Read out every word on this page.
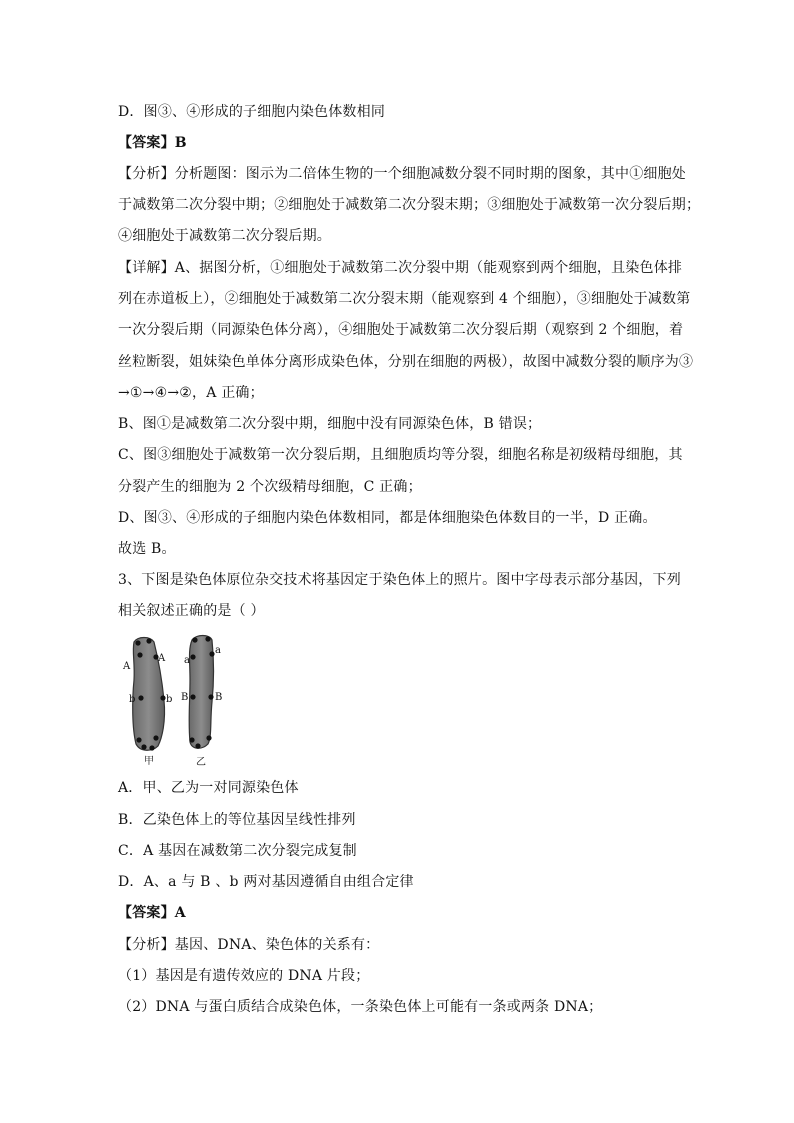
D．图③、④形成的子细胞内染色体数相同
【答案】B
【分析】分析题图：图示为二倍体生物的一个细胞减数分裂不同时期的图象，其中①细胞处
于减数第二次分裂中期；②细胞处于减数第二次分裂末期；③细胞处于减数第一次分裂后期；
④细胞处于减数第二次分裂后期。
【详解】A、据图分析，①细胞处于减数第二次分裂中期（能观察到两个细胞，且染色体排
列在赤道板上），②细胞处于减数第二次分裂末期（能观察到 4 个细胞），③细胞处于减数第
一次分裂后期（同源染色体分离），④细胞处于减数第二次分裂后期（观察到 2 个细胞，着
丝粒断裂，姐妹染色单体分离形成染色体，分别在细胞的两极），故图中减数分裂的顺序为③
→①→④→②，A 正确；
B、图①是减数第二次分裂中期，细胞中没有同源染色体，B 错误；
C、图③细胞处于减数第一次分裂后期，且细胞质均等分裂，细胞名称是初级精母细胞，其
分裂产生的细胞为 2 个次级精母细胞，C 正确；
D、图③、④形成的子细胞内染色体数相同，都是体细胞染色体数目的一半，D 正确。
故选 B。
3、下图是染色体原位杂交技术将基因定于染色体上的照片。图中字母表示部分基因，下列
相关叙述正确的是（ ）
A
A
b	b
a
a
B	B
甲	乙
A．甲、乙为一对同源染色体
B．乙染色体上的等位基因呈线性排列
C．A 基因在减数第二次分裂完成复制
D．A、a 与 B 、b 两对基因遵循自由组合定律
【答案】A
【分析】基因、DNA、染色体的关系有：
（1）基因是有遗传效应的 DNA 片段；
（2）DNA 与蛋白质结合成染色体，一条染色体上可能有一条或两条 DNA；
